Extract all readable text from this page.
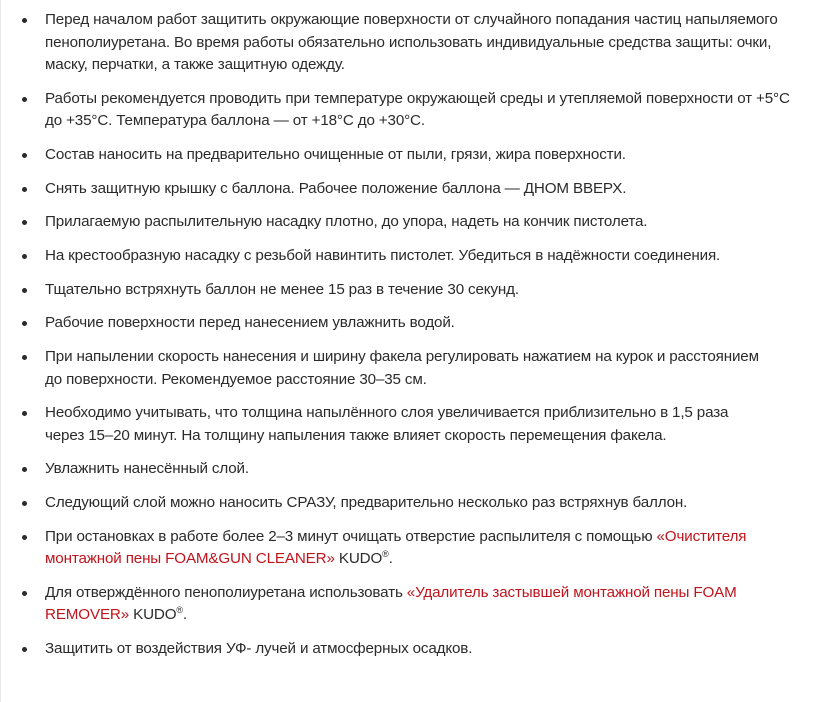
Перед началом работ защитить окружающие поверхности от случайного попадания частиц напыляемого
пенополиуретана. Во время работы обязательно использовать индивидуальные средства защиты: очки,
маску, перчатки, а также защитную одежду.
Работы рекомендуется проводить при температуре окружающей среды и утепляемой поверхности от +5°C
до +35°C. Температура баллона — от +18°C до +30°C.
Состав наносить на предварительно очищенные от пыли, грязи, жира поверхности.
Снять защитную крышку с баллона. Рабочее положение баллона — ДНОМ ВВЕРХ.
Прилагаемую распылительную насадку плотно, до упора, надеть на кончик пистолета.
На крестообразную насадку с резьбой навинтить пистолет. Убедиться в надёжности соединения.
Тщательно встряхнуть баллон не менее 15 раз в течение 30 секунд.
Рабочие поверхности перед нанесением увлажнить водой.
При напылении скорость нанесения и ширину факела регулировать нажатием на курок и расстоянием
до поверхности. Рекомендуемое расстояние 30–35 см.
Необходимо учитывать, что толщина напылённого слоя увеличивается приблизительно в 1,5 раза
через 15–20 минут. На толщину напыления также влияет скорость перемещения факела.
Увлажнить нанесённый слой.
Следующий слой можно наносить СРАЗУ, предварительно несколько раз встряхнув баллон.
При остановках в работе более 2–3 минут очищать отверстие распылителя с помощью «Очистителя
монтажной пены FOAM&GUN CLEANER» KUDO®.
Для отверждённого пенополиуретана использовать «Удалитель застывшей монтажной пены FOAM
REMOVER» KUDO®.
Защитить от воздействия УФ- лучей и атмосферных осадков.
